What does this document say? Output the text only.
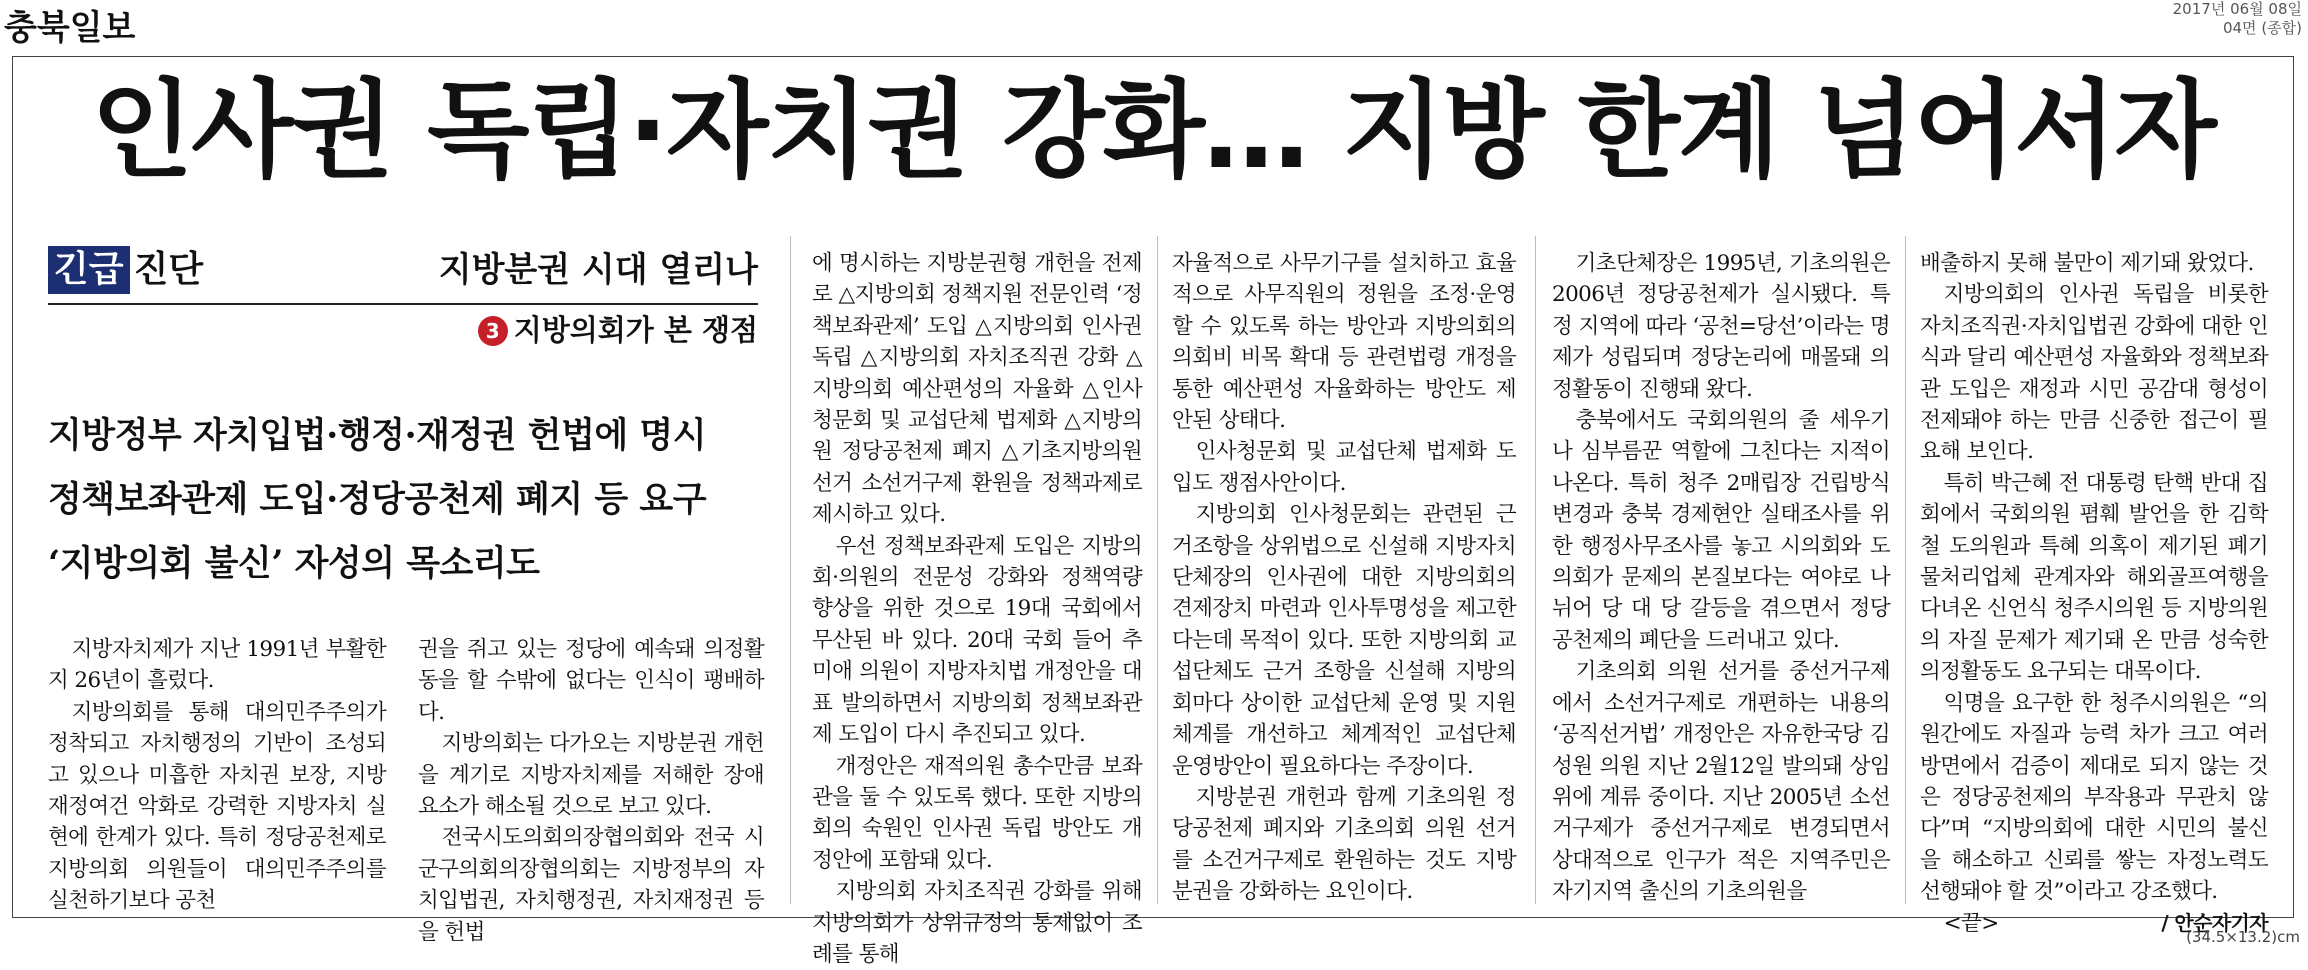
충북일보	2017년 06월 08일
04면 (종합)
인사권 독립·자치권 강화… 지방 한계 넘어서자
긴급 진단	지방분권 시대 열리나
3 지방의회가 본 쟁점
지방정부 자치입법·행정·재정권 헌법에 명시
정책보좌관제 도입·정당공천제 폐지 등 요구
‘지방의회 불신’ 자성의 목소리도

지방자치제가 지난 1991년 부활한 지 26년이 흘렀다.

지방의회를 통해 대의민주주의가 정착되고 자치행정의 기반이 조성되고 있으나 미흡한 자치권 보장, 지방재정여건 악화로 강력한 지방자치 실현에 한계가 있다. 특히 정당공천제로 지방의회 의원들이 대의민주주의를 실천하기보다 공천

권을 쥐고 있는 정당에 예속돼 의정활동을 할 수밖에 없다는 인식이 팽배하다.

지방의회는 다가오는 지방분권 개헌을 계기로 지방자치제를 저해한 장애요소가 해소될 것으로 보고 있다.

전국시도의회의장협의회와 전국 시군구의회의장협의회는 지방정부의 자치입법권, 자치행정권, 자치재정권 등을 헌법

에 명시하는 지방분권형 개헌을 전제로 △지방의회 정책지원 전문인력 ‘정책보좌관제’ 도입 △지방의회 인사권 독립 △지방의회 자치조직권 강화 △지방의회 예산편성의 자율화 △인사청문회 및 교섭단체 법제화 △지방의원 정당공천제 폐지 △기초지방의원 선거 소선거구제 환원을 정책과제로 제시하고 있다.

우선 정책보좌관제 도입은 지방의회·의원의 전문성 강화와 정책역량 향상을 위한 것으로 19대 국회에서 무산된 바 있다. 20대 국회 들어 추미애 의원이 지방자치법 개정안을 대표 발의하면서 지방의회 정책보좌관제 도입이 다시 추진되고 있다.

개정안은 재적의원 총수만큼 보좌관을 둘 수 있도록 했다. 또한 지방의회의 숙원인 인사권 독립 방안도 개정안에 포함돼 있다.

지방의회 자치조직권 강화를 위해 지방의회가 상위규정의 통제없이 조례를 통해

자율적으로 사무기구를 설치하고 효율적으로 사무직원의 정원을 조정·운영할 수 있도록 하는 방안과 지방의회의 의회비 비목 확대 등 관련법령 개정을 통한 예산편성 자율화하는 방안도 제안된 상태다.

인사청문회 및 교섭단체 법제화 도입도 쟁점사안이다.

지방의회 인사청문회는 관련된 근거조항을 상위법으로 신설해 지방자치단체장의 인사권에 대한 지방의회의 견제장치 마련과 인사투명성을 제고한다는데 목적이 있다. 또한 지방의회 교섭단체도 근거 조항을 신설해 지방의회마다 상이한 교섭단체 운영 및 지원체계를 개선하고 체계적인 교섭단체 운영방안이 필요하다는 주장이다.

지방분권 개헌과 함께 기초의원 정당공천제 폐지와 기초의회 의원 선거를 소건거구제로 환원하는 것도 지방분권을 강화하는 요인이다.

기초단체장은 1995년, 기초의원은 2006년 정당공천제가 실시됐다. 특정 지역에 따라 ‘공천=당선’이라는 명제가 성립되며 정당논리에 매몰돼 의정활동이 진행돼 왔다.

충북에서도 국회의원의 줄 세우기나 심부름꾼 역할에 그친다는 지적이 나온다. 특히 청주 2매립장 건립방식 변경과 충북 경제현안 실태조사를 위한 행정사무조사를 놓고 시의회와 도의회가 문제의 본질보다는 여야로 나뉘어 당 대 당 갈등을 겪으면서 정당공천제의 폐단을 드러내고 있다.

기초의회 의원 선거를 중선거구제에서 소선거구제로 개편하는 내용의 ‘공직선거법’ 개정안은 자유한국당 김성원 의원 지난 2월12일 발의돼 상임위에 계류 중이다. 지난 2005년 소선거구제가 중선거구제로 변경되면서 상대적으로 인구가 적은 지역주민은 자기지역 출신의 기초의원을

배출하지 못해 불만이 제기돼 왔었다.

지방의회의 인사권 독립을 비롯한 자치조직권·자치입법권 강화에 대한 인식과 달리 예산편성 자율화와 정책보좌관 도입은 재정과 시민 공감대 형성이 전제돼야 하는 만큼 신중한 접근이 필요해 보인다.

특히 박근혜 전 대통령 탄핵 반대 집회에서 국회의원 폄훼 발언을 한 김학철 도의원과 특혜 의혹이 제기된 폐기물처리업체 관계자와 해외골프여행을 다녀온 신언식 청주시의원 등 지방의원의 자질 문제가 제기돼 온 만큼 성숙한 의정활동도 요구되는 대목이다.

익명을 요구한 한 청주시의원은 “의원간에도 자질과 능력 차가 크고 여러 방면에서 검증이 제대로 되지 않는 것은 정당공천제의 부작용과 무관치 않다”며 “지방의회에 대한 시민의 불신을 해소하고 신뢰를 쌓는 자정노력도 선행돼야 할 것”이라고 강조했다.

<끝>	/ 안순자기자

(34.5×13.2)cm
